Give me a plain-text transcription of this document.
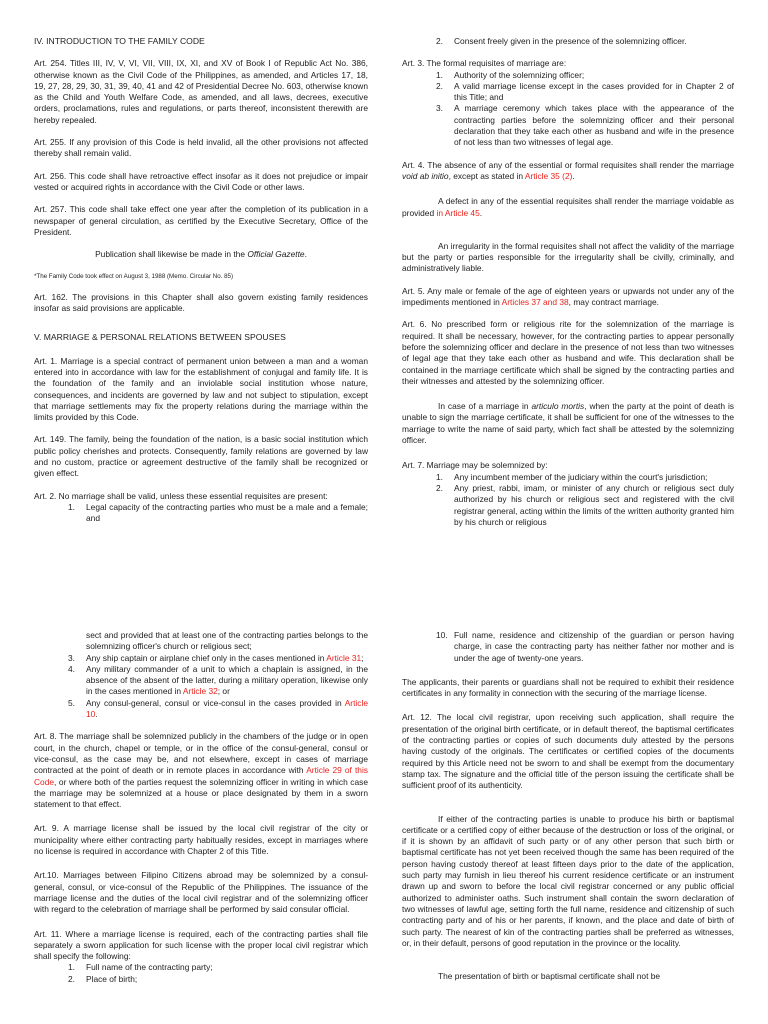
IV. INTRODUCTION TO THE FAMILY CODE

Art. 254. Titles III, IV, V, VI, VII, VIII, IX, XI, and XV of Book I of Republic Act No. 386, otherwise known as the Civil Code of the Philippines, as amended, and Articles 17, 18, 19, 27, 28, 29, 30, 31, 39, 40, 41 and 42 of Presidential Decree No. 603, otherwise known as the Child and Youth Welfare Code, as amended, and all laws, decrees, executive orders, proclamations, rules and regulations, or parts thereof, inconsistent therewith are hereby repealed.

Art. 255. If any provision of this Code is held invalid, all the other provisions not affected thereby shall remain valid.

Art. 256. This code shall have retroactive effect insofar as it does not prejudice or impair vested or acquired rights in accordance with the Civil Code or other laws.

Art. 257. This code shall take effect one year after the completion of its publication in a newspaper of general circulation, as certified by the Executive Secretary, Office of the President.

Publication shall likewise be made in the Official Gazette.

*The Family Code took effect on August 3, 1988 (Memo. Circular No. 85)

Art. 162. The provisions in this Chapter shall also govern existing family residences insofar as said provisions are applicable.

V. MARRIAGE & PERSONAL RELATIONS BETWEEN SPOUSES

Art. 1. Marriage is a special contract of permanent union between a man and a woman entered into in accordance with law for the establishment of conjugal and family life. It is the foundation of the family and an inviolable social institution whose nature, consequences, and incidents are governed by law and not subject to stipulation, except that marriage settlements may fix the property relations during the marriage within the limits provided by this Code.

Art. 149. The family, being the foundation of the nation, is a basic social institution which public policy cherishes and protects. Consequently, family relations are governed by law and no custom, practice or agreement destructive of the family shall be recognized or given effect.

Art. 2. No marriage shall be valid, unless these essential requisites are present:

1. Legal capacity of the contracting parties who must be a male and a female; and
2. Consent freely given in the presence of the solemnizing officer.

Art. 3. The formal requisites of marriage are:

1. Authority of the solemnizing officer;
2. A valid marriage license except in the cases provided for in Chapter 2 of this Title; and
3. A marriage ceremony which takes place with the appearance of the contracting parties before the solemnizing officer and their personal declaration that they take each other as husband and wife in the presence of not less than two witnesses of legal age.

Art. 4. The absence of any of the essential or formal requisites shall render the marriage void ab initio, except as stated in Article 35 (2).

A defect in any of the essential requisites shall render the marriage voidable as provided in Article 45.

An irregularity in the formal requisites shall not affect the validity of the marriage but the party or parties responsible for the irregularity shall be civilly, criminally, and administratively liable.

Art. 5. Any male or female of the age of eighteen years or upwards not under any of the impediments mentioned in Articles 37 and 38, may contract marriage.

Art. 6. No prescribed form or religious rite for the solemnization of the marriage is required. It shall be necessary, however, for the contracting parties to appear personally before the solemnizing officer and declare in the presence of not less than two witnesses of legal age that they take each other as husband and wife. This declaration shall be contained in the marriage certificate which shall be signed by the contracting parties and their witnesses and attested by the solemnizing officer.

In case of a marriage in articulo mortis, when the party at the point of death is unable to sign the marriage certificate, it shall be sufficient for one of the witnesses to the marriage to write the name of said party, which fact shall be attested by the solemnizing officer.

Art. 7. Marriage may be solemnized by:

1. Any incumbent member of the judiciary within the court's jurisdiction;
2. Any priest, rabbi, imam, or minister of any church or religious sect duly authorized by his church or religious sect and registered with the civil registrar general, acting within the limits of the written authority granted him by his church or religious
sect and provided that at least one of the contracting parties belongs to the solemnizing officer's church or religious sect;
3. Any ship captain or airplane chief only in the cases mentioned in Article 31;
4. Any military commander of a unit to which a chaplain is assigned, in the absence of the absent of the latter, during a military operation, likewise only in the cases mentioned in Article 32; or
5. Any consul-general, consul or vice-consul in the cases provided in Article 10.

Art. 8. The marriage shall be solemnized publicly in the chambers of the judge or in open court, in the church, chapel or temple, or in the office of the consul-general, consul or vice-consul, as the case may be, and not elsewhere, except in cases of marriage contracted at the point of death or in remote places in accordance with Article 29 of this Code, or where both of the parties request the solemnizing officer in writing in which case the marriage may be solemnized at a house or place designated by them in a sworn statement to that effect.

Art. 9. A marriage license shall be issued by the local civil registrar of the city or municipality where either contracting party habitually resides, except in marriages where no license is required in accordance with Chapter 2 of this Title.

Art.10. Marriages between Filipino Citizens abroad may be solemnized by a consul-general, consul, or vice-consul of the Republic of the Philippines. The issuance of the marriage license and the duties of the local civil registrar and of the solemnizing officer with regard to the celebration of marriage shall be performed by said consular official.

Art. 11. Where a marriage license is required, each of the contracting parties shall file separately a sworn application for such license with the proper local civil registrar which shall specify the following:

1. Full name of the contracting party;
2. Place of birth;
10. Full name, residence and citizenship of the guardian or person having charge, in case the contracting party has neither father nor mother and is under the age of twenty-one years.

The applicants, their parents or guardians shall not be required to exhibit their residence certificates in any formality in connection with the securing of the marriage license.

Art. 12. The local civil registrar, upon receiving such application, shall require the presentation of the original birth certificate, or in default thereof, the baptismal certificates of the contracting parties or copies of such documents duly attested by the persons having custody of the originals. The certificates or certified copies of the documents required by this Article need not be sworn to and shall be exempt from the documentary stamp tax. The signature and the official title of the person issuing the certificate shall be sufficient proof of its authenticity.

If either of the contracting parties is unable to produce his birth or baptismal certificate or a certified copy of either because of the destruction or loss of the original, or if it is shown by an affidavit of such party or of any other person that such birth or baptismal certificate has not yet been received though the same has been required of the person having custody thereof at least fifteen days prior to the date of the application, such party may furnish in lieu thereof his current residence certificate or an instrument drawn up and sworn to before the local civil registrar concerned or any public official authorized to administer oaths. Such instrument shall contain the sworn declaration of two witnesses of lawful age, setting forth the full name, residence and citizenship of such contracting party and of his or her parents, if known, and the place and date of birth of such party. The nearest of kin of the contracting parties shall be preferred as witnesses, or, in their default, persons of good reputation in the province or the locality.

The presentation of birth or baptismal certificate shall not be
